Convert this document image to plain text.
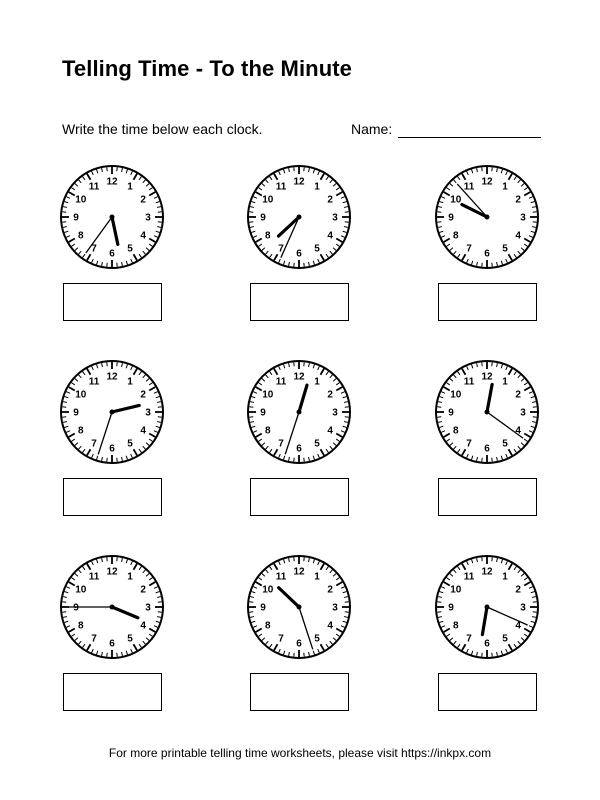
Telling Time - To the Minute
Write the time below each clock.	Name:
12 1
2
3
4
5
6
7
8
9
10
11	12 1
2
3
4
5
6
7
8
9
10
11	12 1
2
3
4
5
6
7
8
9
10
11
12 1
2
3
4
5
6
7
8
9
10
11	12 1
2
3
4
5
6
7
8
9
10
11	12 1
2
3
4
5
6
7
8
9
10
11
12 1
2
3
4
5
6
7
8
9
10
11	12 1
2
3
4
5
6
7
8
9
10
11	12 1
2
3
4
5
6
7
8
9
10
11
For more printable telling time worksheets, please visit https://inkpx.com
